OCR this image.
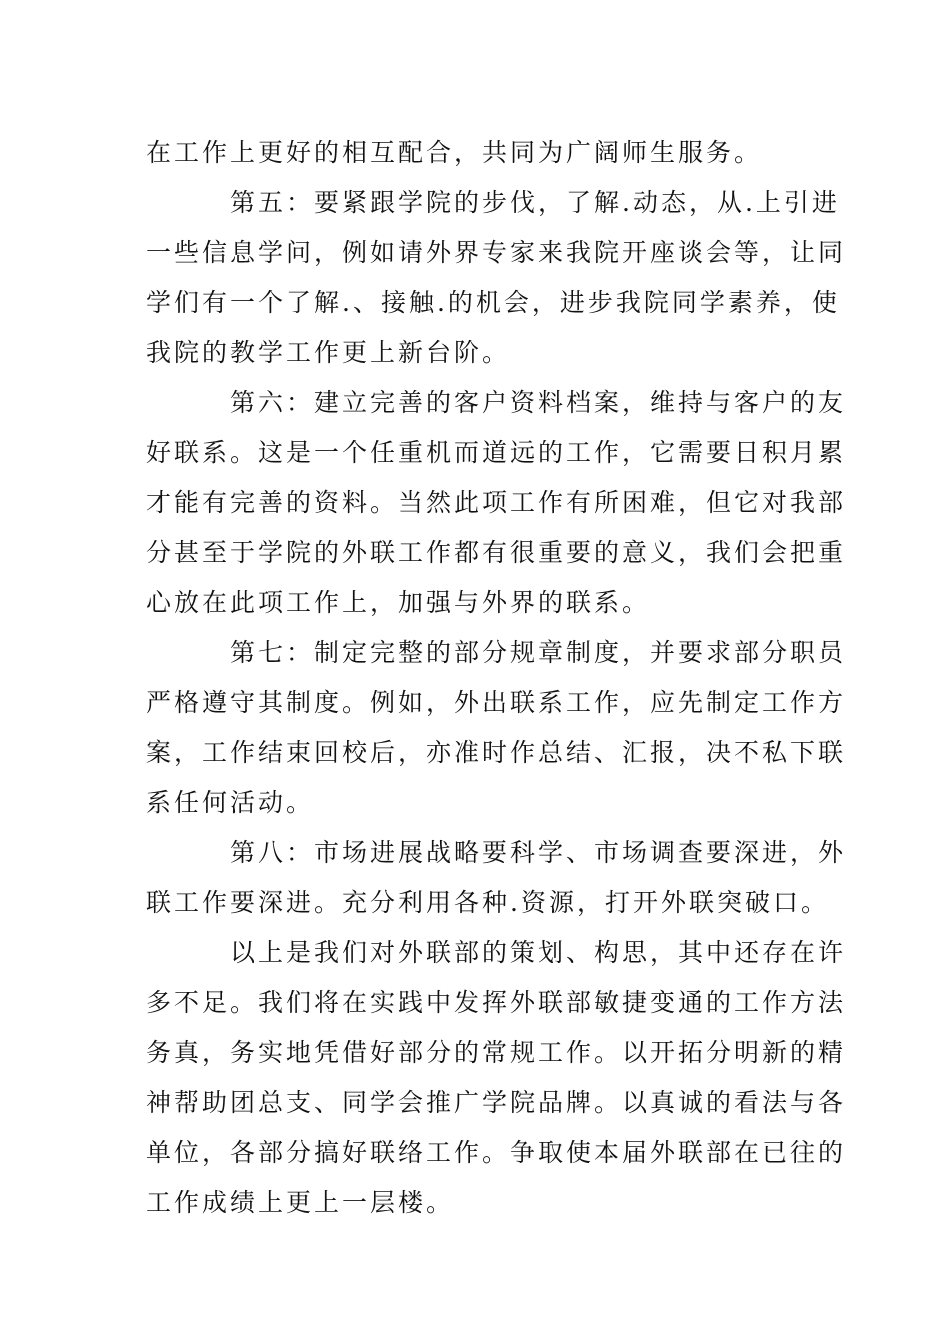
在工作上更好的相互配合，共同为广阔师生服务。

第五：要紧跟学院的步伐，了解.动态，从.上引进
一些信息学问，例如请外界专家来我院开座谈会等，让同
学们有一个了解.、接触.的机会，进步我院同学素养，使
我院的教学工作更上新台阶。

第六：建立完善的客户资料档案，维持与客户的友
好联系。这是一个任重机而道远的工作，它需要日积月累
才能有完善的资料。当然此项工作有所困难，但它对我部
分甚至于学院的外联工作都有很重要的意义，我们会把重
心放在此项工作上，加强与外界的联系。

第七：制定完整的部分规章制度，并要求部分职员
严格遵守其制度。例如，外出联系工作，应先制定工作方
案，工作结束回校后，亦准时作总结、汇报，决不私下联
系任何活动。

第八：市场进展战略要科学、市场调查要深进，外
联工作要深进。充分利用各种.资源，打开外联突破口。

以上是我们对外联部的策划、构思，其中还存在许
多不足。我们将在实践中发挥外联部敏捷变通的工作方法
务真，务实地凭借好部分的常规工作。以开拓分明新的精
神帮助团总支、同学会推广学院品牌。以真诚的看法与各
单位，各部分搞好联络工作。争取使本届外联部在已往的
工作成绩上更上一层楼。
